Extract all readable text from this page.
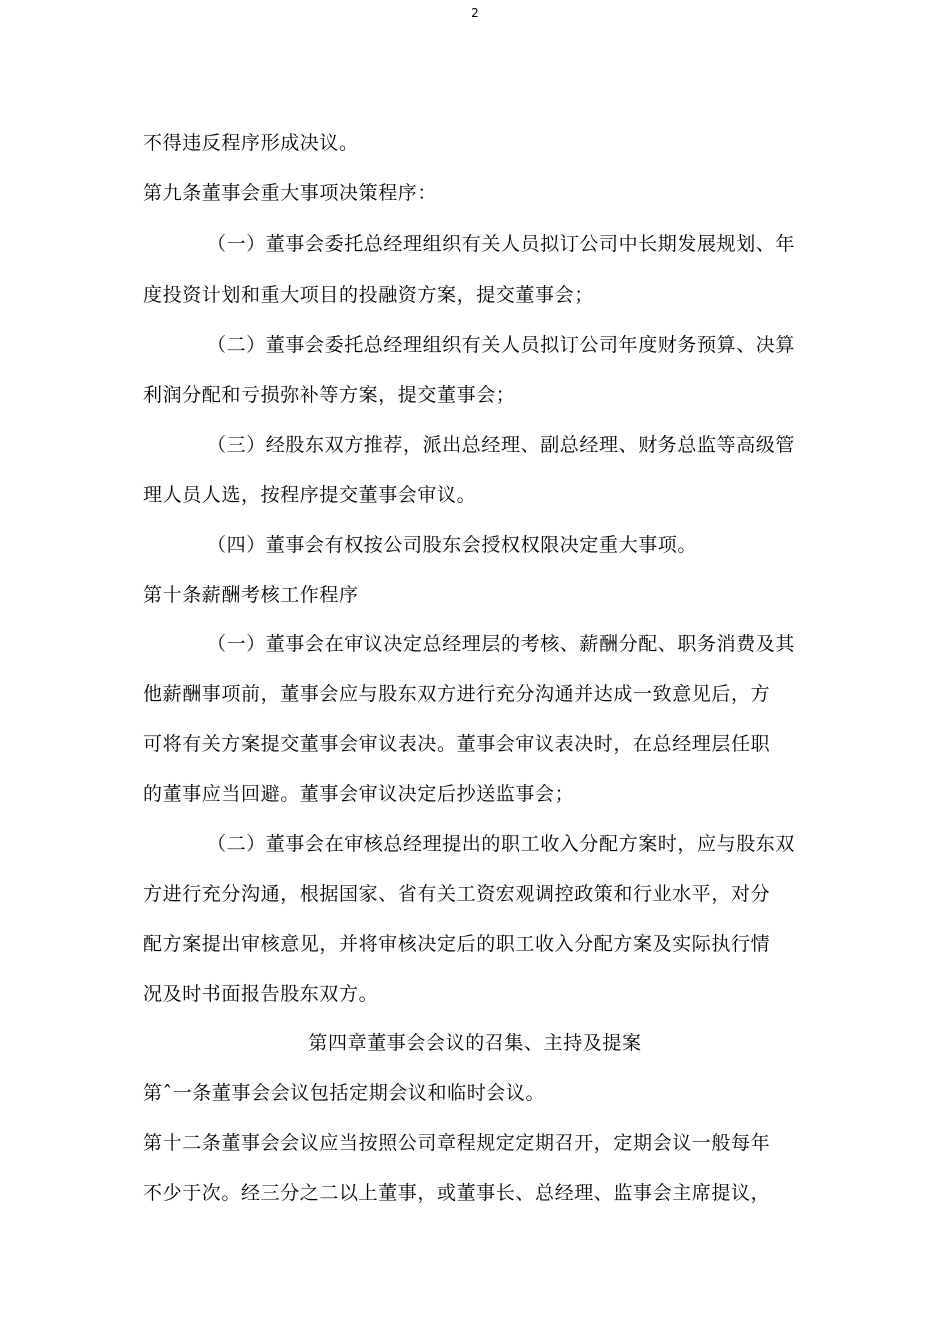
2
不得违反程序形成决议。
第九条董事会重大事项决策程序：
（一）董事会委托总经理组织有关人员拟订公司中长期发展规划、年
度投资计划和重大项目的投融资方案，提交董事会；
（二）董事会委托总经理组织有关人员拟订公司年度财务预算、决算
利润分配和亏损弥补等方案，提交董事会；
（三）经股东双方推荐，派出总经理、副总经理、财务总监等高级管
理人员人选，按程序提交董事会审议。
（四）董事会有权按公司股东会授权权限决定重大事项。
第十条薪酬考核工作程序
（一）董事会在审议决定总经理层的考核、薪酬分配、职务消费及其
他薪酬事项前，董事会应与股东双方进行充分沟通并达成一致意见后，方
可将有关方案提交董事会审议表决。董事会审议表决时，在总经理层任职
的董事应当回避。董事会审议决定后抄送监事会；
（二）董事会在审核总经理提出的职工收入分配方案时，应与股东双
方进行充分沟通，根据国家、省有关工资宏观调控政策和行业水平，对分
配方案提出审核意见，并将审核决定后的职工收入分配方案及实际执行情
况及时书面报告股东双方。
第四章董事会会议的召集、主持及提案
第ˆ一条董事会会议包括定期会议和临时会议。
第十二条董事会会议应当按照公司章程规定定期召开，定期会议一般每年
不少于次。经三分之二以上董事，或董事长、总经理、监事会主席提议，
